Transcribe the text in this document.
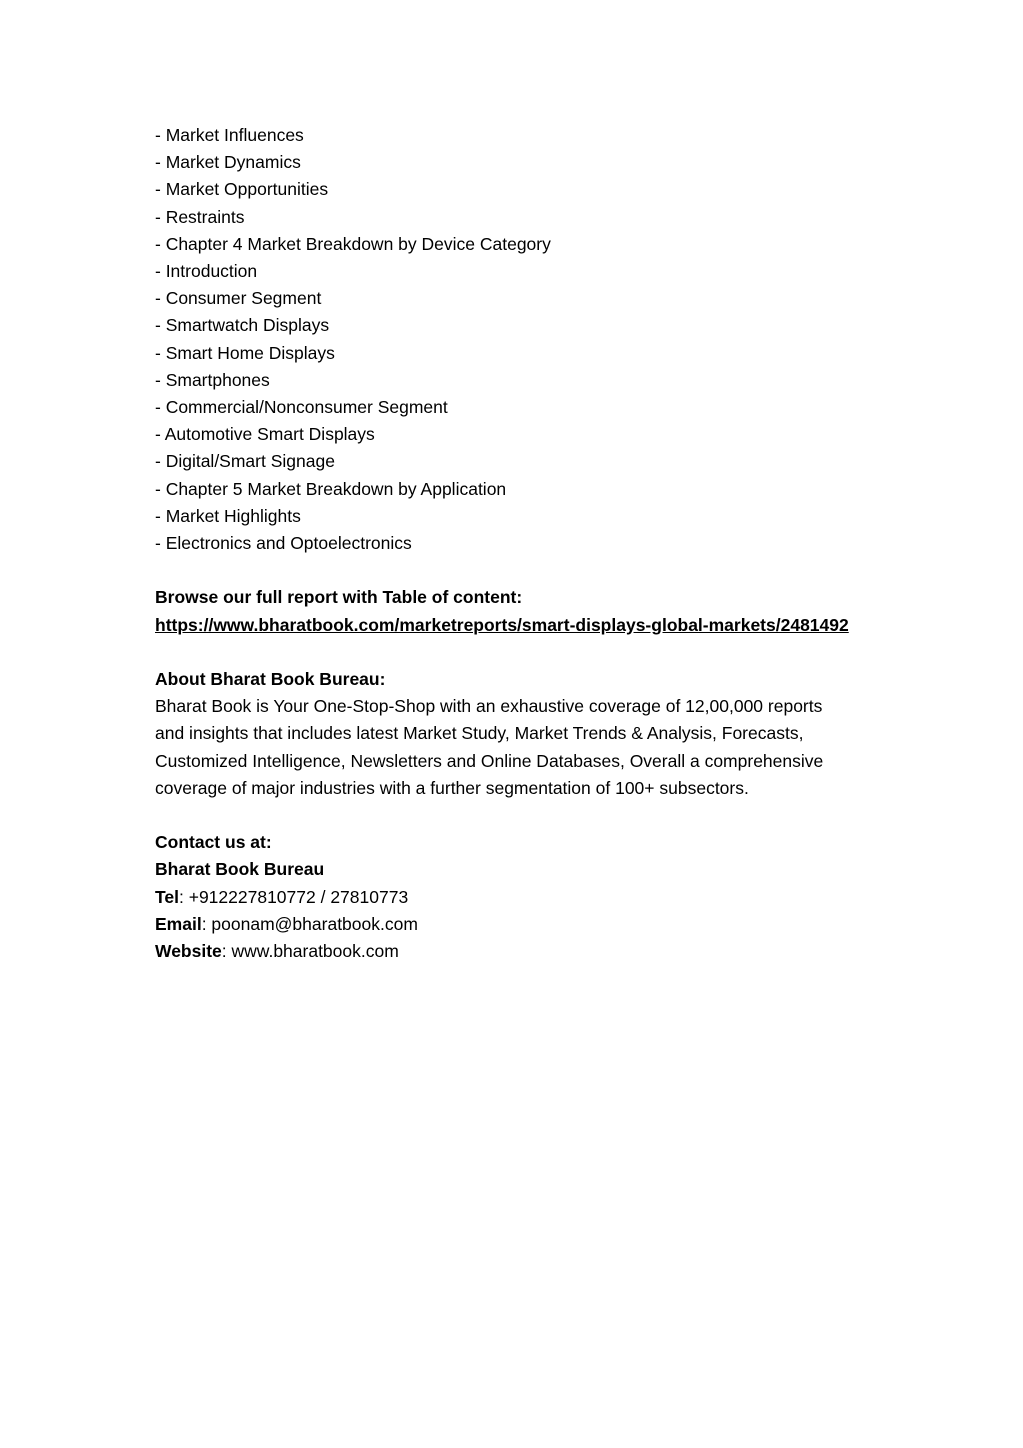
- Market Influences
- Market Dynamics
- Market Opportunities
- Restraints
- Chapter 4 Market Breakdown by Device Category
- Introduction
- Consumer Segment
- Smartwatch Displays
- Smart Home Displays
- Smartphones
- Commercial/Nonconsumer Segment
- Automotive Smart Displays
- Digital/Smart Signage
- Chapter 5 Market Breakdown by Application
- Market Highlights
- Electronics and Optoelectronics

Browse our full report with Table of content:

https://www.bharatbook.com/marketreports/smart-displays-global-markets/2481492

About Bharat Book Bureau:

Bharat Book is Your One-Stop-Shop with an exhaustive coverage of 12,00,000 reports and insights that includes latest Market Study, Market Trends & Analysis, Forecasts, Customized Intelligence, Newsletters and Online Databases, Overall a comprehensive coverage of major industries with a further segmentation of 100+ subsectors.

Contact us at:

Bharat Book Bureau

Tel: +912227810772 / 27810773

Email: poonam@bharatbook.com

Website: www.bharatbook.com
